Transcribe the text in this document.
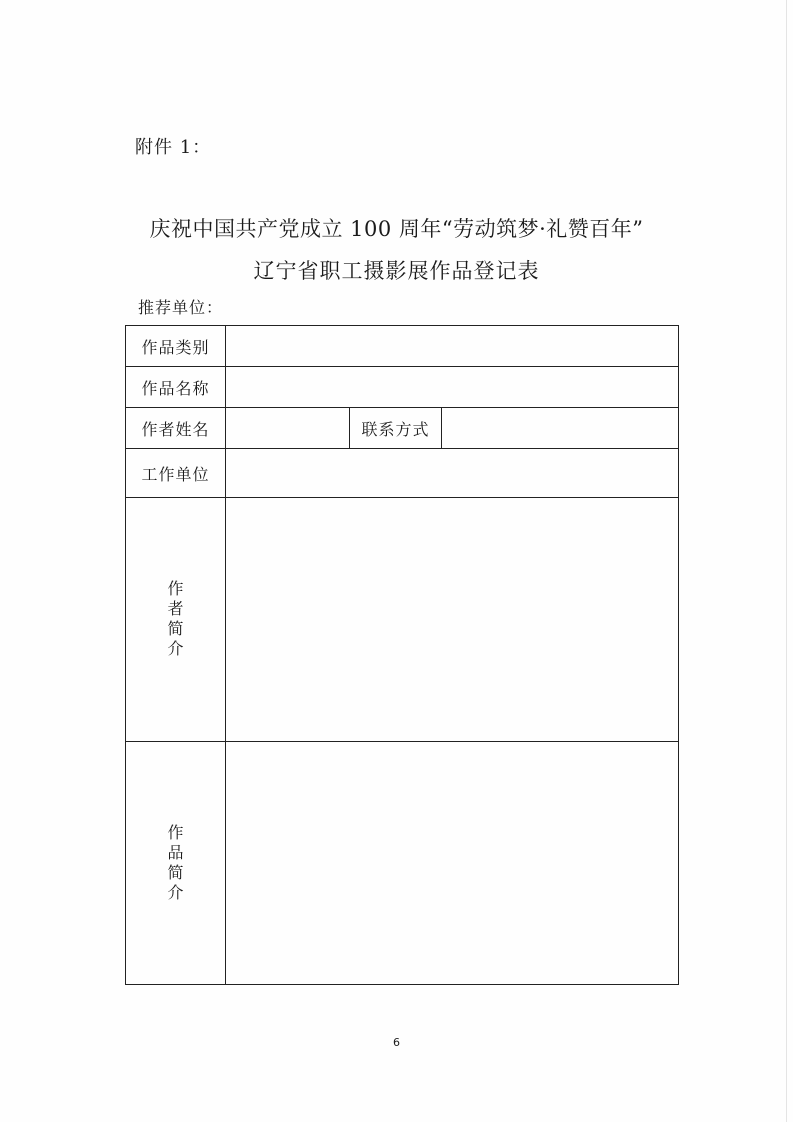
附件 1：
庆祝中国共产党成立 100 周年“劳动筑梦·礼赞百年”
辽宁省职工摄影展作品登记表
推荐单位：
作品类别			
作品名称			
作者姓名		联系方式	
工作单位			
作者简介			
作品简介			
6
